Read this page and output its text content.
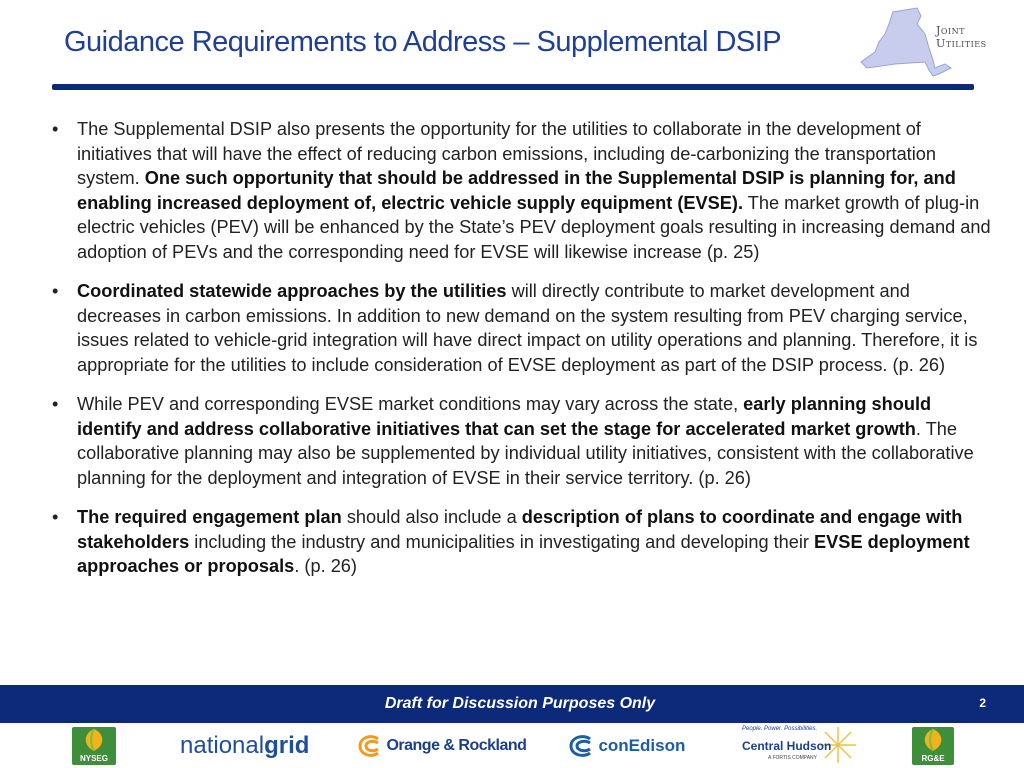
Guidance Requirements to Address – Supplemental DSIP	Joint
Utilities
• The Supplemental DSIP also presents the opportunity for the utilities to collaborate in the development of initiatives that will have the effect of reducing carbon emissions, including de-carbonizing the transportation system. One such opportunity that should be addressed in the Supplemental DSIP is planning for, and enabling increased deployment of, electric vehicle supply equipment (EVSE). The market growth of plug-in electric vehicles (PEV) will be enhanced by the State’s PEV deployment goals resulting in increasing demand and adoption of PEVs and the corresponding need for EVSE will likewise increase (p. 25)
• Coordinated statewide approaches by the utilities will directly contribute to market development and decreases in carbon emissions. In addition to new demand on the system resulting from PEV charging service, issues related to vehicle-grid integration will have direct impact on utility operations and planning. Therefore, it is appropriate for the utilities to include consideration of EVSE deployment as part of the DSIP process. (p. 26)
• While PEV and corresponding EVSE market conditions may vary across the state, early planning should identify and address collaborative initiatives that can set the stage for accelerated market growth. The collaborative planning may also be supplemented by individual utility initiatives, consistent with the collaborative planning for the deployment and integration of EVSE in their service territory. (p. 26)
• The required engagement plan should also include a description of plans to coordinate and engage with stakeholders including the industry and municipalities in investigating and developing their EVSE deployment approaches or proposals. (p. 26)
Draft for Discussion Purposes Only	2
NYSEG	nationalgrid	Orange & Rockland	conEdison
People. Power. Possibilities.
Central Hudson
A FORTIS COMPANY	RG&E
